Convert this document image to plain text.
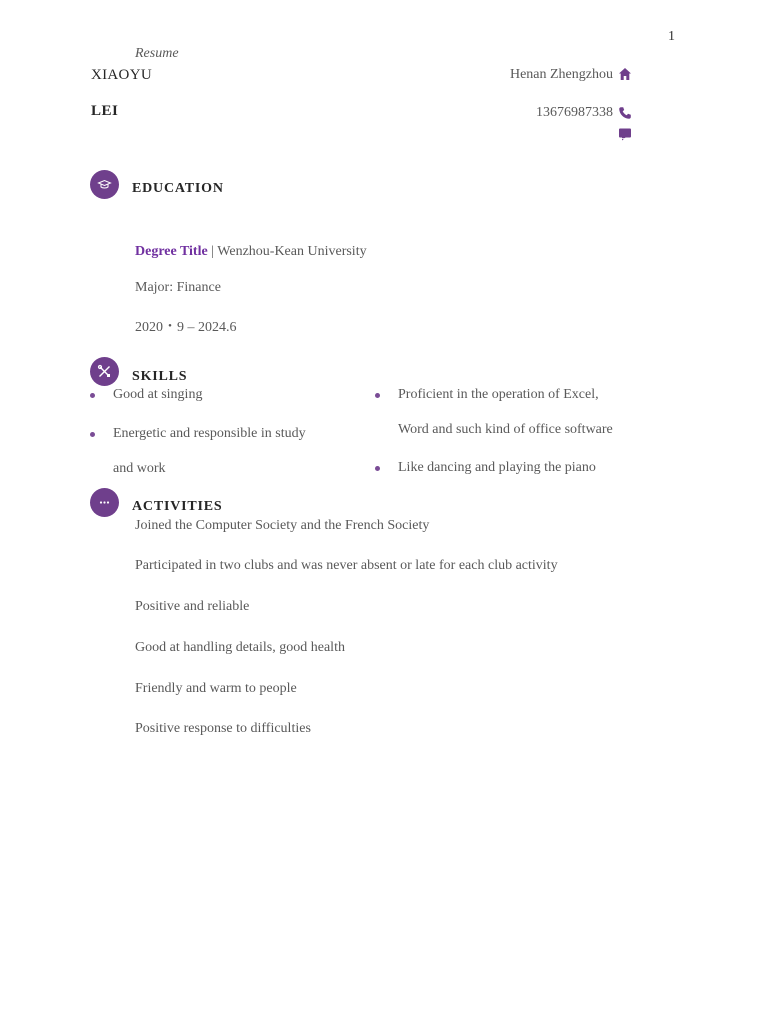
1
Resume
XIAOYU
LEI
Henan Zhengzhou
13676987338
EDUCATION
Degree Title | Wenzhou-Kean University
Major: Finance
2020・9 – 2024.6
SKILLS
Good at singing
Energetic and responsible in study
and work
Proficient in the operation of Excel,
Word and such kind of office software
Like dancing and playing the piano
ACTIVITIES
Joined the Computer Society and the French Society
Participated in two clubs and was never absent or late for each club activity
Positive and reliable
Good at handling details, good health
Friendly and warm to people
Positive response to difficulties
